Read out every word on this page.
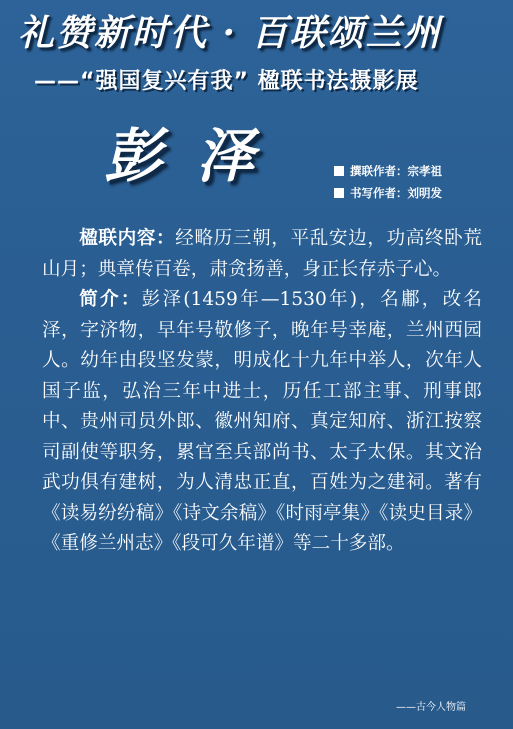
礼赞新时代 · 百联颂兰州
——“强国复兴有我” 楹联书法摄影展
彭泽	撰联作者：宗孝祖
书写作者：刘明发

楹联内容：经略历三朝，平乱安边，功高终卧荒山月；典章传百卷，肃贪扬善，身正长存赤子心。

简介：彭泽(1459年—1530年)，名鄘，改名泽，字济物，早年号敬修子，晚年号幸庵，兰州西园人。幼年由段坚发蒙，明成化十九年中举人，次年人国子监，弘治三年中进士，历任工部主事、刑事郎中、贵州司员外郎、徽州知府、真定知府、浙江按察司副使等职务，累官至兵部尚书、太子太保。其文治武功俱有建树，为人清忠正直，百姓为之建祠。著有《读易纷纷稿》《诗文余稿》《时雨亭集》《读史目录》《重修兰州志》《段可久年谱》等二十多部。

——古今人物篇
